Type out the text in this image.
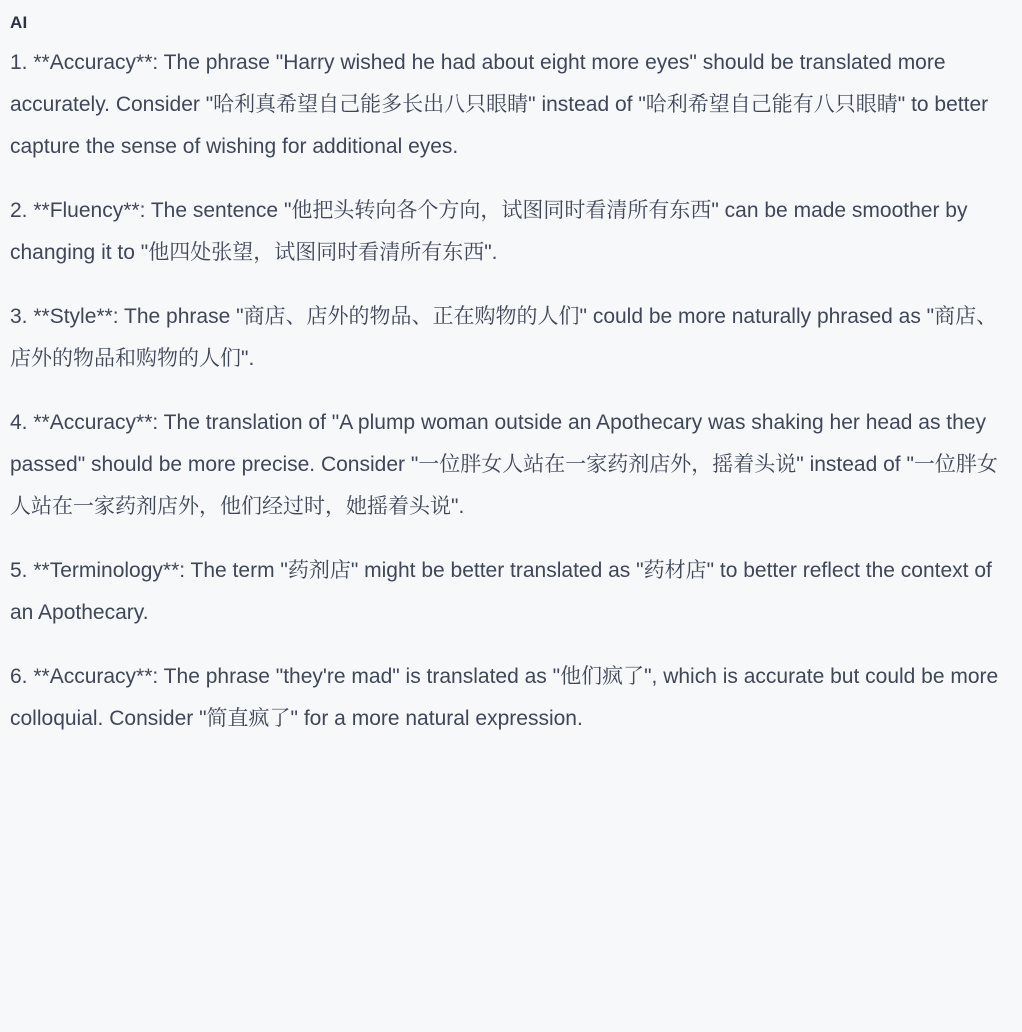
AI

1. **Accuracy**: The phrase "Harry wished he had about eight more eyes" should be translated more accurately. Consider "哈利真希望自己能多长出八只眼睛" instead of "哈利希望自己能有八只眼睛" to better capture the sense of wishing for additional eyes.

2. **Fluency**: The sentence "他把头转向各个方向，试图同时看清所有东西" can be made smoother by changing it to "他四处张望，试图同时看清所有东西".

3. **Style**: The phrase "商店、店外的物品、正在购物的人们" could be more naturally phrased as "商店、店外的物品和购物的人们".

4. **Accuracy**: The translation of "A plump woman outside an Apothecary was shaking her head as they passed" should be more precise. Consider "一位胖女人站在一家药剂店外，摇着头说" instead of "一位胖女人站在一家药剂店外，他们经过时，她摇着头说".

5. **Terminology**: The term "药剂店" might be better translated as "药材店" to better reflect the context of an Apothecary.

6. **Accuracy**: The phrase "they're mad" is translated as "他们疯了", which is accurate but could be more colloquial. Consider "简直疯了" for a more natural expression.
